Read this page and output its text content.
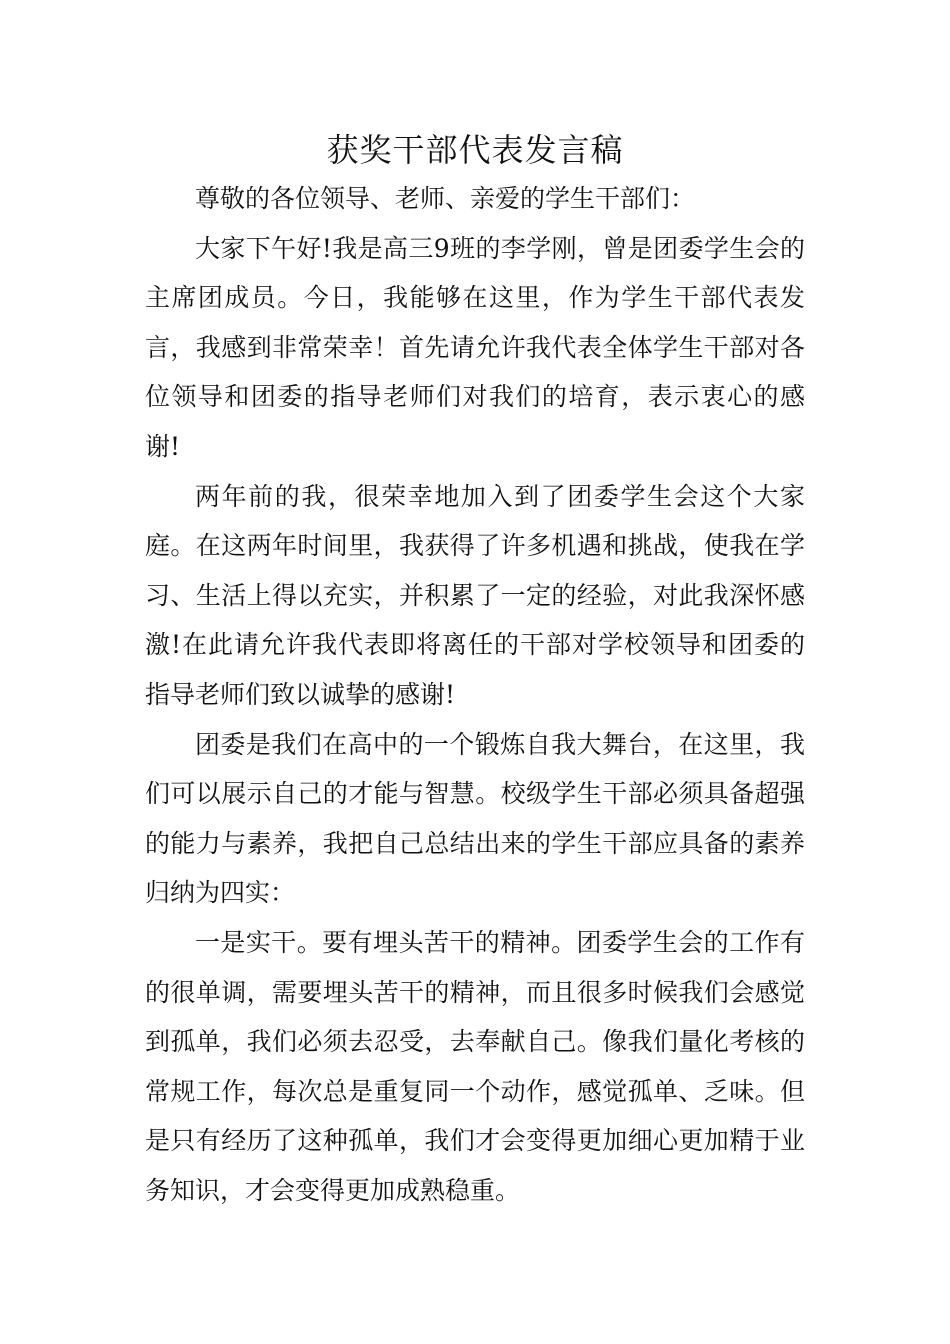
获奖干部代表发言稿

尊敬的各位领导、老师、亲爱的学生干部们：

大家下午好!我是高三9班的李学刚，曾是团委学生会的主席团成员。今日，我能够在这里，作为学生干部代表发言，我感到非常荣幸！首先请允许我代表全体学生干部对各位领导和团委的指导老师们对我们的培育，表示衷心的感谢!

两年前的我，很荣幸地加入到了团委学生会这个大家庭。在这两年时间里，我获得了许多机遇和挑战，使我在学习、生活上得以充实，并积累了一定的经验，对此我深怀感激!在此请允许我代表即将离任的干部对学校领导和团委的指导老师们致以诚挚的感谢!

团委是我们在高中的一个锻炼自我大舞台，在这里，我们可以展示自己的才能与智慧。校级学生干部必须具备超强的能力与素养，我把自己总结出来的学生干部应具备的素养归纳为四实：

一是实干。要有埋头苦干的精神。团委学生会的工作有的很单调，需要埋头苦干的精神，而且很多时候我们会感觉到孤单，我们必须去忍受，去奉献自己。像我们量化考核的常规工作，每次总是重复同一个动作，感觉孤单、乏味。但是只有经历了这种孤单，我们才会变得更加细心更加精于业务知识，才会变得更加成熟稳重。
